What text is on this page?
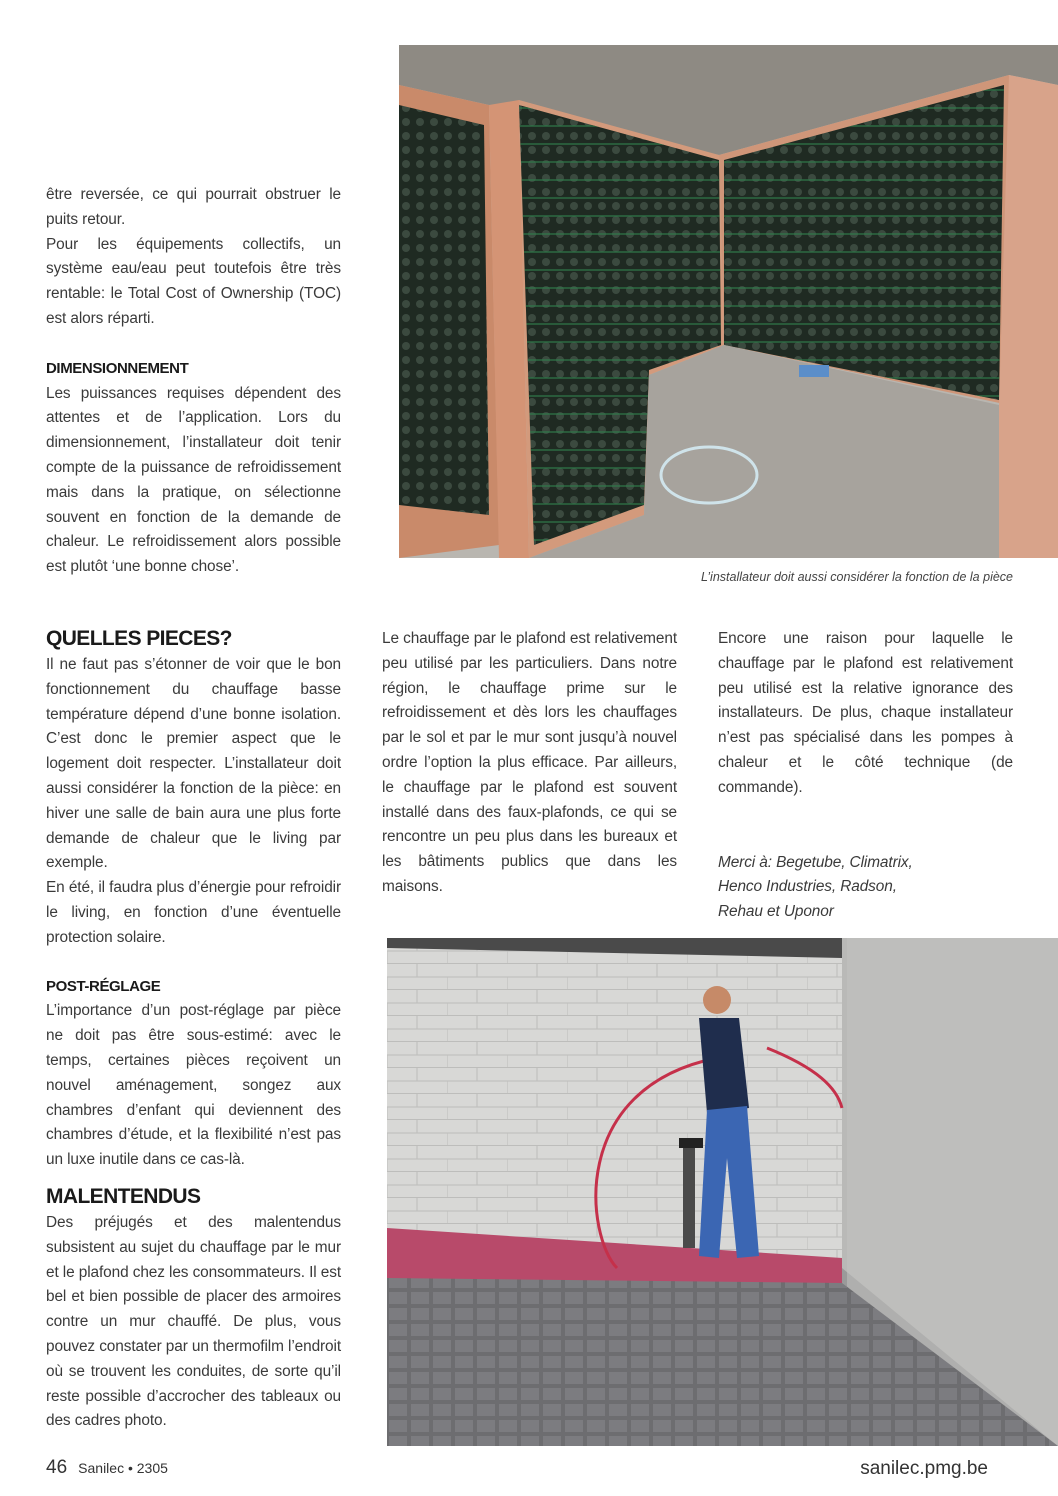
L’installateur doit aussi considérer la fonction de la pièce

être reversée, ce qui pourrait obstruer le puits retour.

Pour les équipements collectifs, un système eau/eau peut toutefois être très rentable: le Total Cost of Ownership (TOC) est alors réparti.

DIMENSIONNEMENT

Les puissances requises dépendent des attentes et de l’application. Lors du dimensionnement, l’installateur doit tenir compte de la puissance de refroidissement mais dans la pratique, on sélectionne souvent en fonction de la demande de chaleur. Le refroidissement alors possible est plutôt ‘une bonne chose’.

QUELLES PIECES?

Il ne faut pas s’étonner de voir que le bon fonctionnement du chauffage basse température dépend d’une bonne isolation. C’est donc le premier aspect que le logement doit respecter. L’installateur doit aussi considérer la fonction de la pièce: en hiver une salle de bain aura une plus forte demande de chaleur que le living par exemple.

En été, il faudra plus d’énergie pour refroidir le living, en fonction d’une éventuelle protection solaire.

POST-RÉGLAGE

L’importance d’un post-réglage par pièce ne doit pas être sous-estimé: avec le temps, certaines pièces reçoivent un nouvel aménagement, songez aux chambres d’enfant qui deviennent des chambres d’étude, et la flexibilité n’est pas un luxe inutile dans ce cas-là.

MALENTENDUS

Des préjugés et des malentendus subsistent au sujet du chauffage par le mur et le plafond chez les consommateurs. Il est bel et bien possible de placer des armoires contre un mur chauffé. De plus, vous pouvez constater par un thermofilm l’endroit où se trouvent les conduites, de sorte qu’il reste possible d’accrocher des tableaux ou des cadres photo.

Le chauffage par le plafond est relativement peu utilisé par les particuliers. Dans notre région, le chauffage prime sur le refroidissement et dès lors les chauffages par le sol et par le mur sont jusqu’à nouvel ordre l’option la plus efficace. Par ailleurs, le chauffage par le plafond est souvent installé dans des faux-plafonds, ce qui se rencontre un peu plus dans les bureaux et les bâtiments publics que dans les maisons.

Encore une raison pour laquelle le chauffage par le plafond est relativement peu utilisé est la relative ignorance des installateurs. De plus, chaque installateur n’est pas spécialisé dans les pompes à chaleur et le côté technique (de commande).

Merci à: Begetube, Climatrix,

Henco Industries, Radson,

Rehau et Uponor

46 Sanilec • 2305	sanilec.pmg.be
